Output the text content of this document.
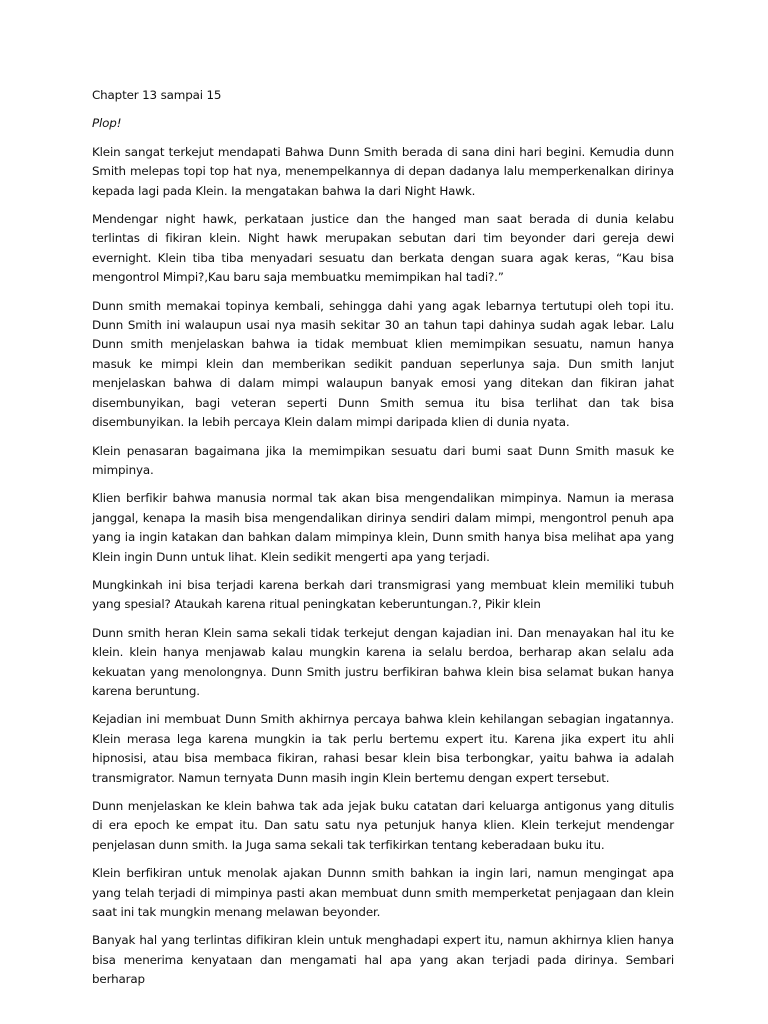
Chapter 13 sampai 15

Plop!

Klein sangat terkejut mendapati Bahwa Dunn Smith berada di sana dini hari begini. Kemudia dunn Smith melepas topi top hat nya, menempelkannya di depan dadanya lalu memperkenalkan dirinya kepada lagi pada Klein. Ia mengatakan bahwa Ia dari Night Hawk.

Mendengar night hawk, perkataan justice dan the hanged man saat berada di dunia kelabu terlintas di fikiran klein. Night hawk merupakan sebutan dari tim beyonder dari gereja dewi evernight. Klein tiba tiba menyadari sesuatu dan berkata dengan suara agak keras, “Kau bisa mengontrol Mimpi?,Kau baru saja membuatku memimpikan hal tadi?.”

Dunn smith memakai topinya kembali, sehingga dahi yang agak lebarnya tertutupi oleh topi itu. Dunn Smith ini walaupun usai nya masih sekitar 30 an tahun tapi dahinya sudah agak lebar. Lalu Dunn smith menjelaskan bahwa ia tidak membuat klien memimpikan sesuatu, namun hanya masuk ke mimpi klein dan memberikan sedikit panduan seperlunya saja. Dun smith lanjut menjelaskan bahwa di dalam mimpi walaupun banyak emosi yang ditekan dan fikiran jahat disembunyikan, bagi veteran seperti Dunn Smith semua itu bisa terlihat dan tak bisa disembunyikan. Ia lebih percaya Klein dalam mimpi daripada klien di dunia nyata.

Klein penasaran bagaimana jika Ia memimpikan sesuatu dari bumi saat Dunn Smith masuk ke mimpinya.

Klien berfikir bahwa manusia normal tak akan bisa mengendalikan mimpinya. Namun ia merasa janggal, kenapa Ia masih bisa mengendalikan dirinya sendiri dalam mimpi, mengontrol penuh apa yang ia ingin katakan dan bahkan dalam mimpinya klein, Dunn smith hanya bisa melihat apa yang Klein ingin Dunn untuk lihat. Klein sedikit mengerti apa yang terjadi.

Mungkinkah ini bisa terjadi karena berkah dari transmigrasi yang membuat klein memiliki tubuh yang spesial? Ataukah karena ritual peningkatan keberuntungan.?, Pikir klein

Dunn smith heran Klein sama sekali tidak terkejut dengan kajadian ini. Dan menayakan hal itu ke klein. klein hanya menjawab kalau mungkin karena ia selalu berdoa, berharap akan selalu ada kekuatan yang menolongnya. Dunn Smith justru berfikiran bahwa klein bisa selamat bukan hanya karena beruntung.

Kejadian ini membuat Dunn Smith akhirnya percaya bahwa klein kehilangan sebagian ingatannya. Klein merasa lega karena mungkin ia tak perlu bertemu expert itu. Karena jika expert itu ahli hipnosisi, atau bisa membaca fikiran, rahasi besar klein bisa terbongkar, yaitu bahwa ia adalah transmigrator. Namun ternyata Dunn masih ingin Klein bertemu dengan expert tersebut.

Dunn menjelaskan ke klein bahwa tak ada jejak buku catatan dari keluarga antigonus yang ditulis di era epoch ke empat itu. Dan satu satu nya petunjuk hanya klien. Klein terkejut mendengar penjelasan dunn smith. Ia Juga sama sekali tak terfikirkan tentang keberadaan buku itu.

Klein berfikiran untuk menolak ajakan Dunnn smith bahkan ia ingin lari, namun mengingat apa yang telah terjadi di mimpinya pasti akan membuat dunn smith memperketat penjagaan dan klein saat ini tak mungkin menang melawan beyonder.

Banyak hal yang terlintas difikiran klein untuk menghadapi expert itu, namun akhirnya klien hanya bisa menerima kenyataan dan mengamati hal apa yang akan terjadi pada dirinya. Sembari berharap
